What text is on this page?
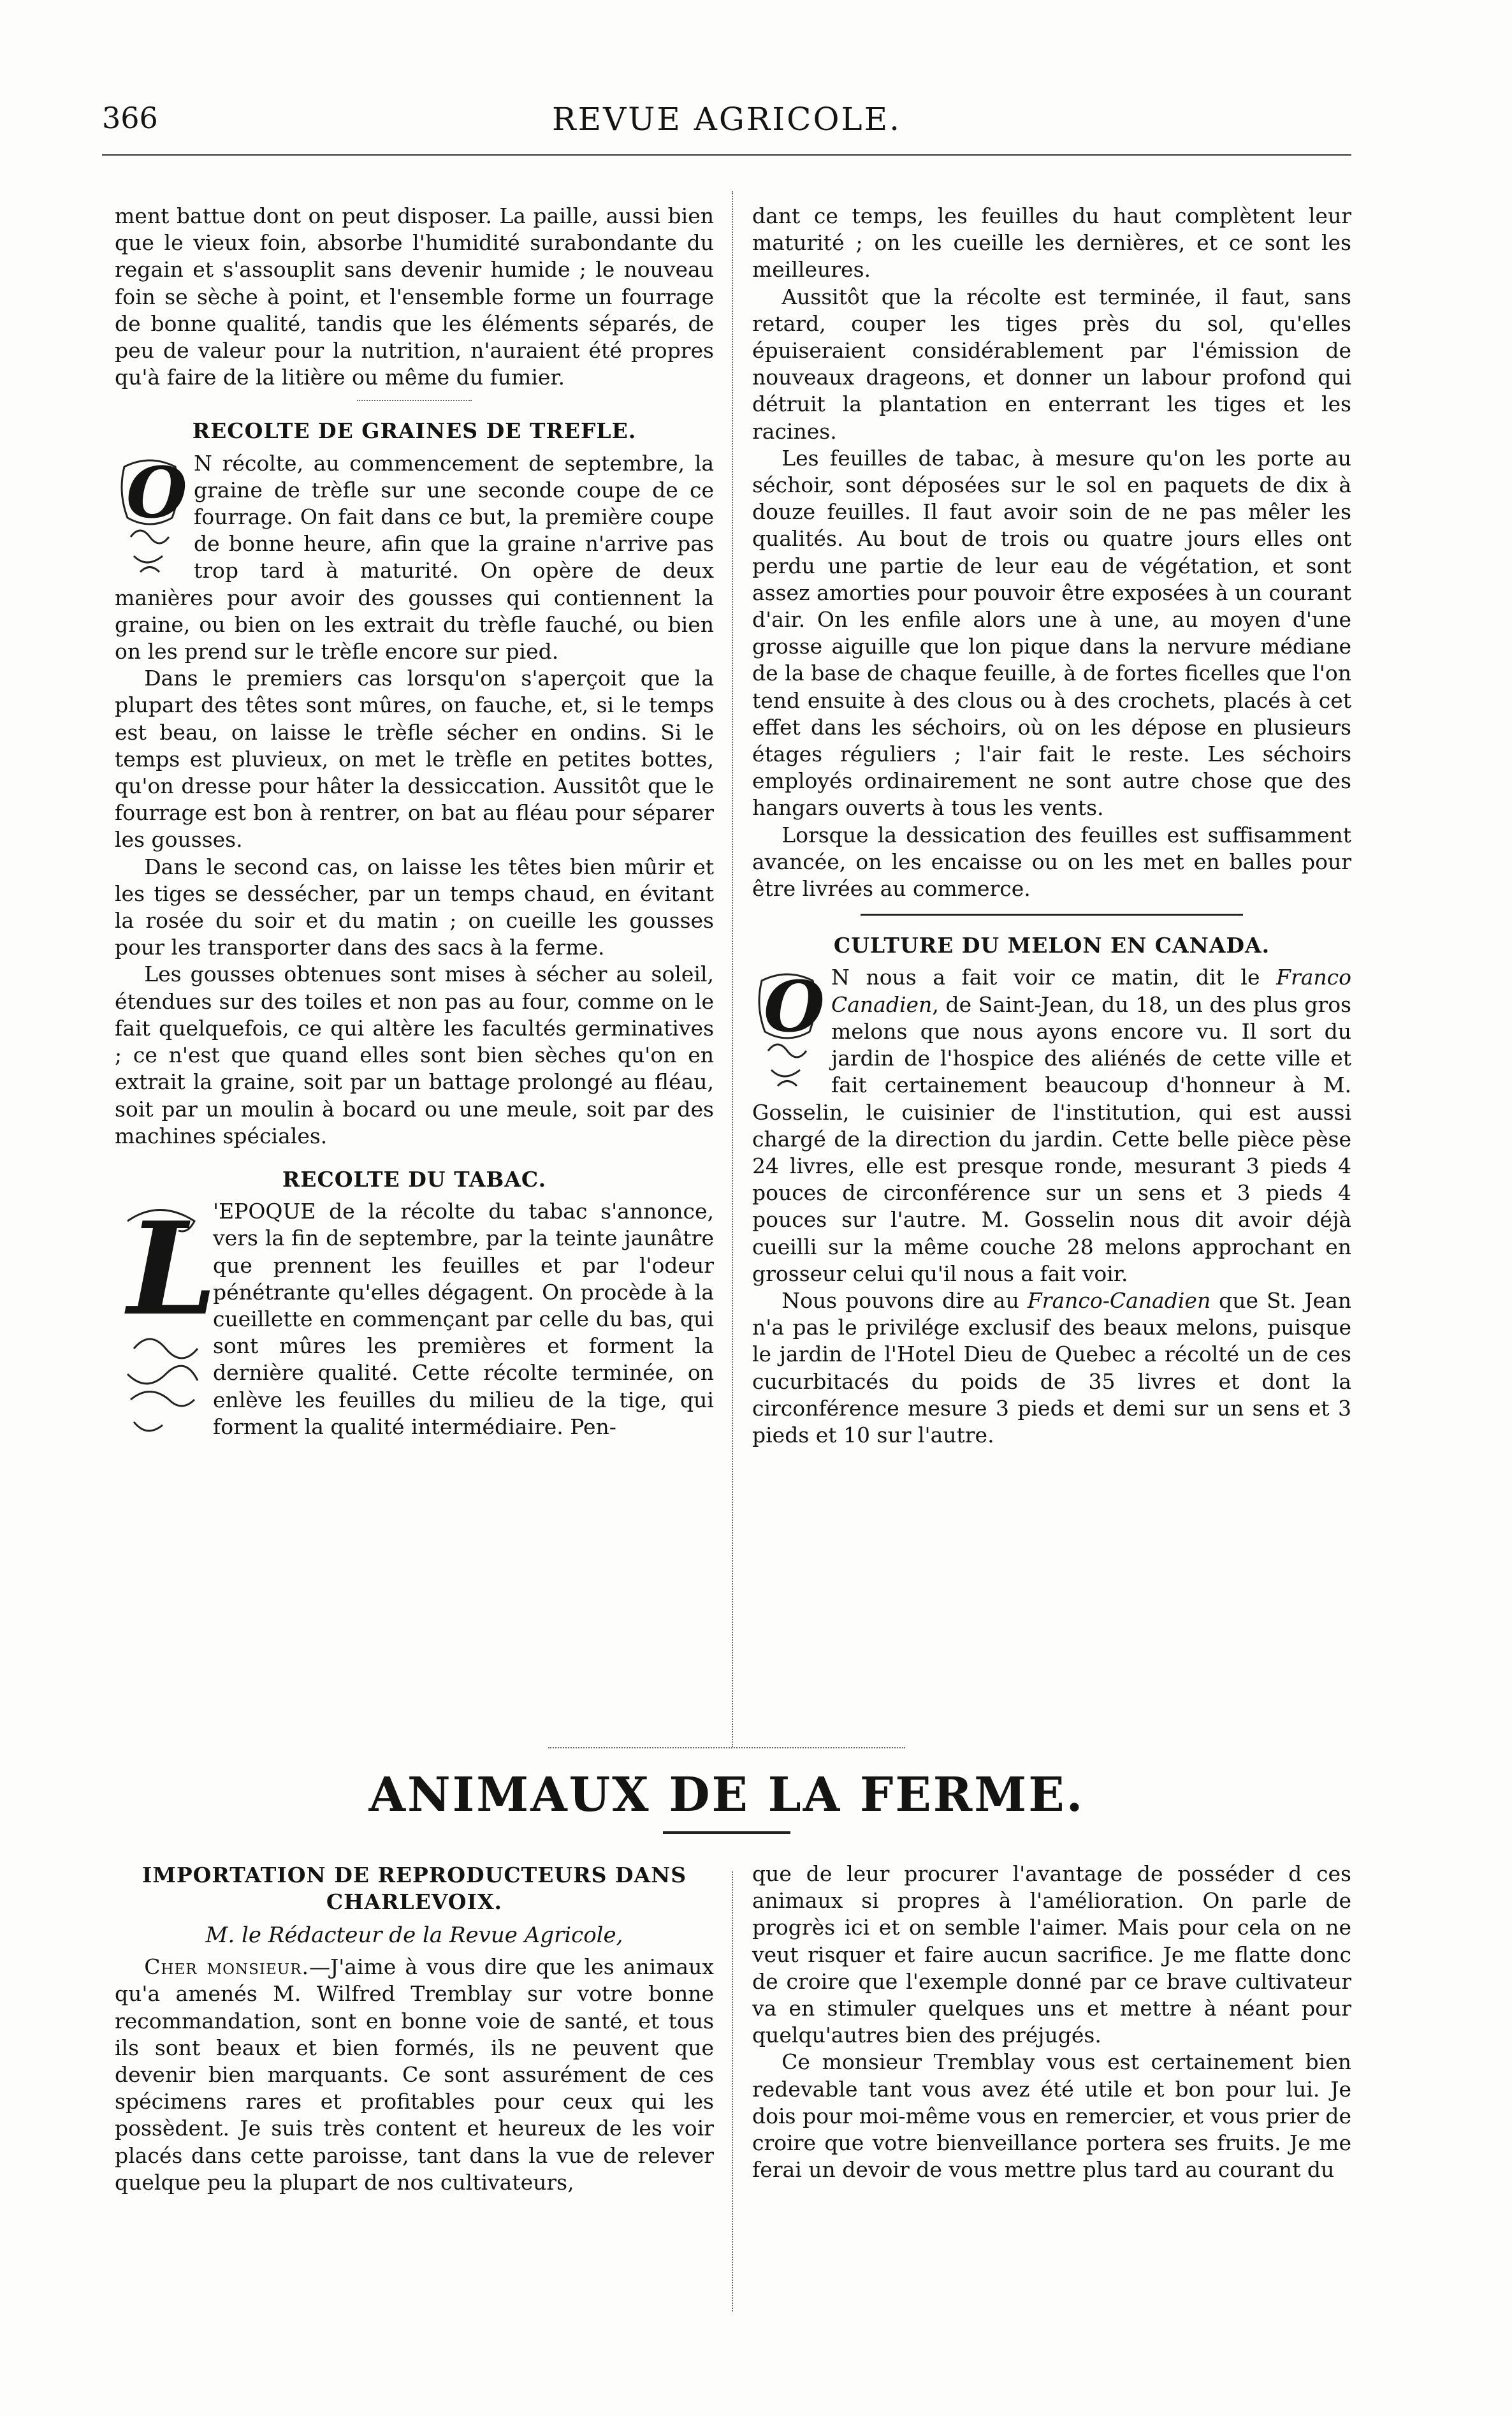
366	REVUE AGRICOLE.

ment battue dont on peut disposer. La paille, aussi bien que le vieux foin, absorbe l'humidité surabondante du regain et s'assouplit sans devenir humide ; le nouveau foin se sèche à point, et l'ensemble forme un fourrage de bonne qualité, tandis que les éléments séparés, de peu de valeur pour la nutrition, n'auraient été propres qu'à faire de la litière ou même du fumier.

RECOLTE DE GRAINES DE TREFLE.
O N récolte, au commencement de septembre, la graine de trèfle sur une seconde coupe de ce fourrage. On fait dans ce but, la première coupe de bonne heure, afin que la graine n'arrive pas trop tard à maturité. On opère de deux manières pour avoir des gousses qui contiennent la graine, ou bien on les extrait du trèfle fauché, ou bien on les prend sur le trèfle encore sur pied.

Dans le premiers cas lorsqu'on s'aperçoit que la plupart des têtes sont mûres, on fauche, et, si le temps est beau, on laisse le trèfle sécher en ondins. Si le temps est pluvieux, on met le trèfle en petites bottes, qu'on dresse pour hâter la dessiccation. Aussitôt que le fourrage est bon à rentrer, on bat au fléau pour séparer les gousses.

Dans le second cas, on laisse les têtes bien mûrir et les tiges se dessécher, par un temps chaud, en évitant la rosée du soir et du matin ; on cueille les gousses pour les transporter dans des sacs à la ferme.

Les gousses obtenues sont mises à sécher au soleil, étendues sur des toiles et non pas au four, comme on le fait quelquefois, ce qui altère les facultés germinatives ; ce n'est que quand elles sont bien sèches qu'on en extrait la graine, soit par un battage prolongé au fléau, soit par un moulin à bocard ou une meule, soit par des machines spéciales.

RECOLTE DU TABAC.
L

'EPOQUE de la récolte du tabac s'annonce, vers la fin de septembre, par la teinte jaunâtre que prennent les feuilles et par l'odeur pénétrante qu'elles dégagent. On procède à la cueillette en commençant par celle du bas, qui sont mûres les premières et forment la dernière qualité. Cette récolte terminée, on enlève les feuilles du milieu de la tige, qui forment la qualité intermédiaire. Pen-

dant ce temps, les feuilles du haut complètent leur maturité ; on les cueille les dernières, et ce sont les meilleures.

Aussitôt que la récolte est terminée, il faut, sans retard, couper les tiges près du sol, qu'elles épuiseraient considérablement par l'émission de nouveaux drageons, et donner un labour profond qui détruit la plantation en enterrant les tiges et les racines.

Les feuilles de tabac, à mesure qu'on les porte au séchoir, sont déposées sur le sol en paquets de dix à douze feuilles. Il faut avoir soin de ne pas mêler les qualités. Au bout de trois ou quatre jours elles ont perdu une partie de leur eau de végétation, et sont assez amorties pour pouvoir être exposées à un courant d'air. On les enfile alors une à une, au moyen d'une grosse aiguille que lon pique dans la nervure médiane de la base de chaque feuille, à de fortes ficelles que l'on tend ensuite à des clous ou à des crochets, placés à cet effet dans les séchoirs, où on les dépose en plusieurs étages réguliers ; l'air fait le reste. Les séchoirs employés ordinairement ne sont autre chose que des hangars ouverts à tous les vents.

Lorsque la dessication des feuilles est suffisamment avancée, on les encaisse ou on les met en balles pour être livrées au commerce.

CULTURE DU MELON EN CANADA.
O N nous a fait voir ce matin, dit le Franco Canadien, de Saint-Jean, du 18, un des plus gros melons que nous ayons encore vu. Il sort du jardin de l'hospice des aliénés de cette ville et fait certainement beaucoup d'honneur à M. Gosselin, le cuisinier de l'institution, qui est aussi chargé de la direction du jardin. Cette belle pièce pèse 24 livres, elle est presque ronde, mesurant 3 pieds 4 pouces de circonférence sur un sens et 3 pieds 4 pouces sur l'autre. M. Gosselin nous dit avoir déjà cueilli sur la même couche 28 melons approchant en grosseur celui qu'il nous a fait voir.

Nous pouvons dire au Franco-Canadien que St. Jean n'a pas le privilége exclusif des beaux melons, puisque le jardin de l'Hotel Dieu de Quebec a récolté un de ces cucurbitacés du poids de 35 livres et dont la circonférence mesure 3 pieds et demi sur un sens et 3 pieds et 10 sur l'autre.

ANIMAUX DE LA FERME.
IMPORTATION DE REPRODUCTEURS DANS CHARLEVOIX.
M. le Rédacteur de la Revue Agricole,

Cher monsieur.—J'aime à vous dire que les animaux qu'a amenés M. Wilfred Tremblay sur votre bonne recommandation, sont en bonne voie de santé, et tous ils sont beaux et bien formés, ils ne peuvent que devenir bien marquants. Ce sont assurément de ces spécimens rares et profitables pour ceux qui les possèdent. Je suis très content et heureux de les voir placés dans cette paroisse, tant dans la vue de relever quelque peu la plupart de nos cultivateurs,

que de leur procurer l'avantage de posséder d ces animaux si propres à l'amélioration. On parle de progrès ici et on semble l'aimer. Mais pour cela on ne veut risquer et faire aucun sacrifice. Je me flatte donc de croire que l'exemple donné par ce brave cultivateur va en stimuler quelques uns et mettre à néant pour quelqu'autres bien des préjugés.

Ce monsieur Tremblay vous est certainement bien redevable tant vous avez été utile et bon pour lui. Je dois pour moi-même vous en remercier, et vous prier de croire que votre bienveillance portera ses fruits. Je me ferai un devoir de vous mettre plus tard au courant du
